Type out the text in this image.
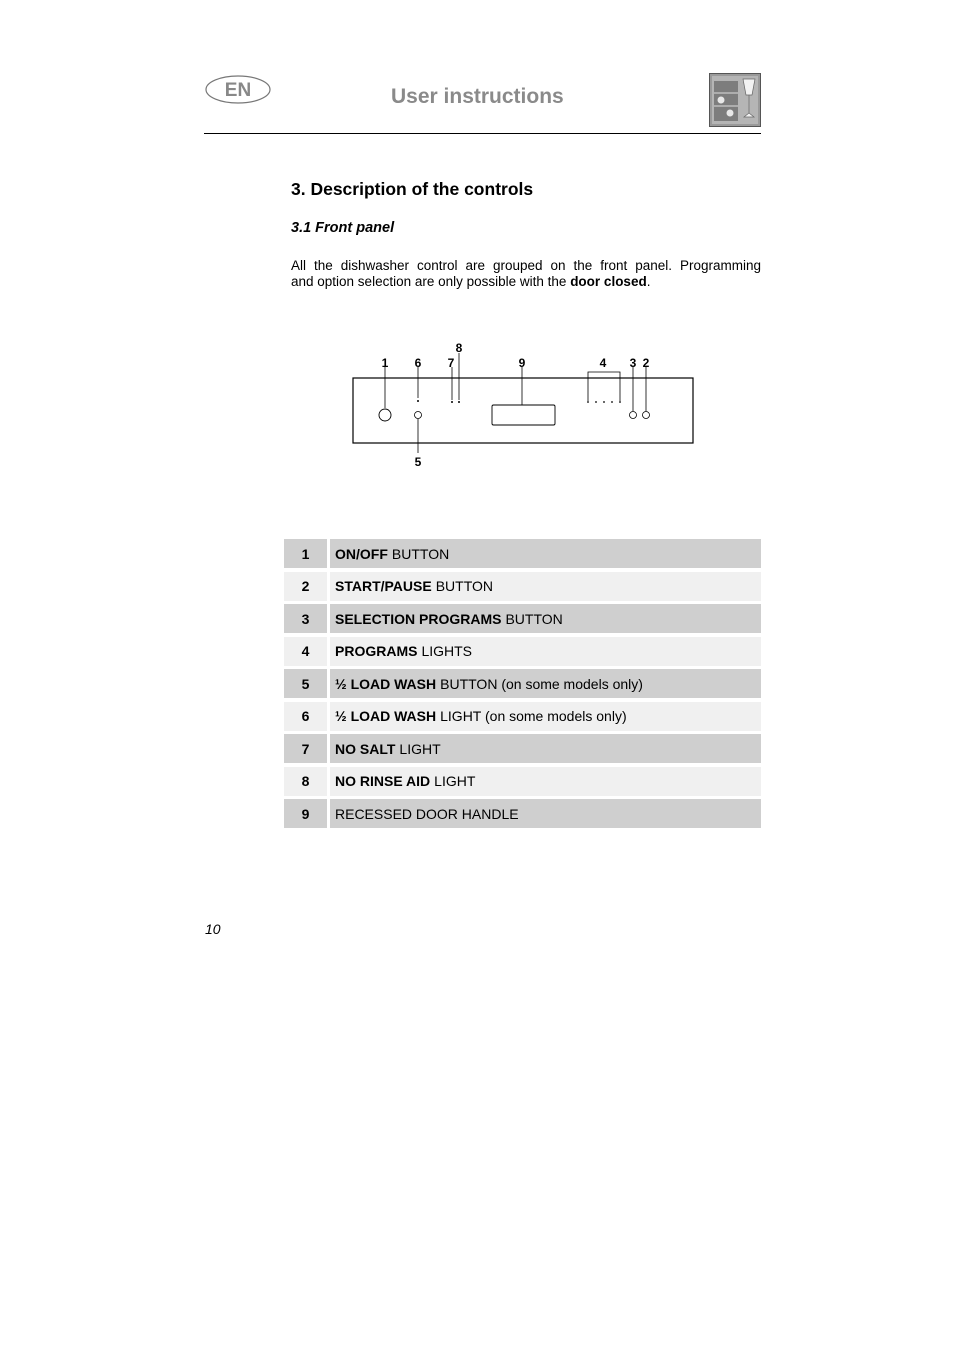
EN	User instructions
3. Description of the controls
3.1 Front panel
All the dishwasher control are grouped on the front panel. Programming
and option selection are only possible with the door closed.
1 6
5
7
8
9	4 3 2
1	ON/OFF BUTTON
2	START/PAUSE BUTTON
3	SELECTION PROGRAMS BUTTON
4	PROGRAMS LIGHTS
5	½ LOAD WASH BUTTON (on some models only)
6	½ LOAD WASH LIGHT (on some models only)
7	NO SALT LIGHT
8	NO RINSE AID LIGHT
9	RECESSED DOOR HANDLE
10
